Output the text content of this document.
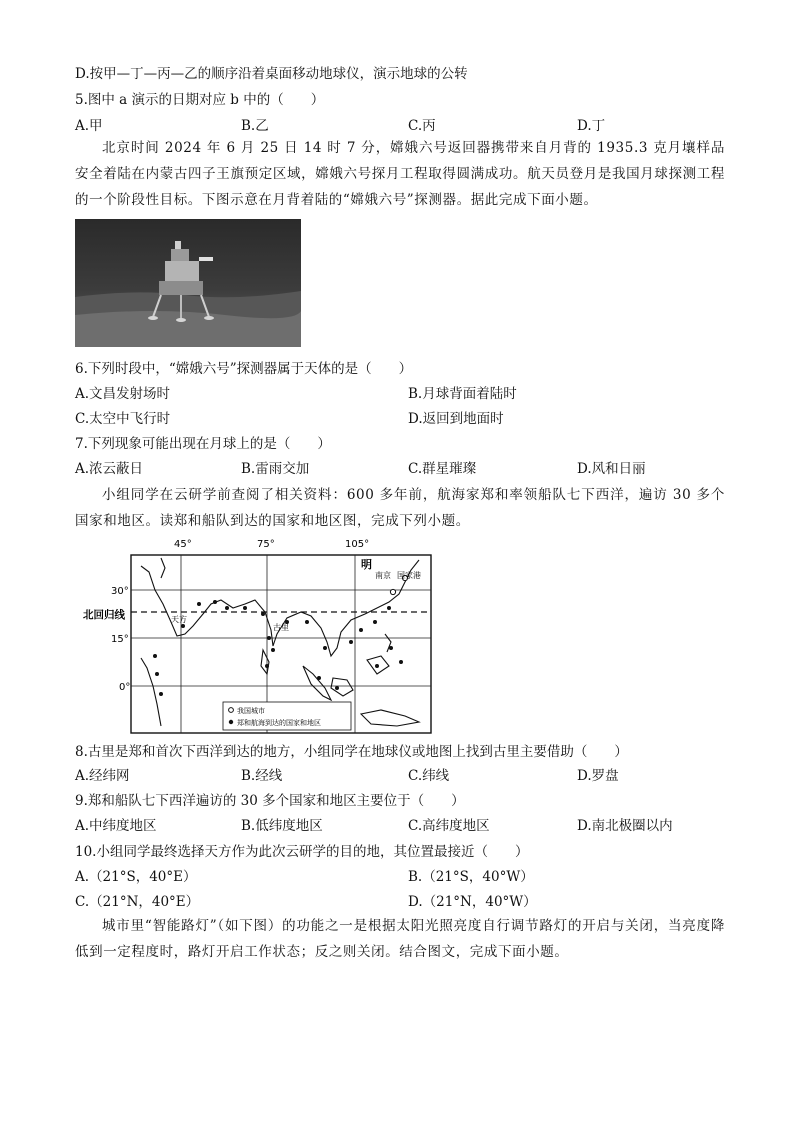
D.按甲—丁—丙—乙的顺序沿着桌面移动地球仪，演示地球的公转
5.图中 a 演示的日期对应 b 中的（　　）
A.甲	B.乙	C.丙	D.丁
北京时间 2024 年 6 月 25 日 14 时 7 分，嫦娥六号返回器携带来自月背的 1935.3 克月壤样品安全着陆在内蒙古四子王旗预定区域，嫦娥六号探月工程取得圆满成功。航天员登月是我国月球探测工程的一个阶段性目标。下图示意在月背着陆的“嫦娥六号”探测器。据此完成下面小题。
6.下列时段中，“嫦娥六号”探测器属于天体的是（　　）
A.文昌发射场时	B.月球背面着陆时
C.太空中飞行时	D.返回到地面时
7.下列现象可能出现在月球上的是（　　）
A.浓云蔽日	B.雷雨交加	C.群星璀璨	D.风和日丽
小组同学在云研学前查阅了相关资料：600 多年前，航海家郑和率领船队七下西洋，遍访 30 多个国家和地区。读郑和船队到达的国家和地区图，完成下列小题。
45°	75°	105°
30°
15°
0°
北回归线
明
南京 国家港
天方
古里
我国城市
郑和航海到达的国家和地区
8.古里是郑和首次下西洋到达的地方，小组同学在地球仪或地图上找到古里主要借助（　　）
A.经纬网	B.经线	C.纬线	D.罗盘
9.郑和船队七下西洋遍访的 30 多个国家和地区主要位于（　　）
A.中纬度地区	B.低纬度地区	C.高纬度地区	D.南北极圈以内
10.小组同学最终选择天方作为此次云研学的目的地，其位置最接近（　　）
A.（21°S，40°E）	B.（21°S，40°W）
C.（21°N，40°E）	D.（21°N，40°W）
城市里“智能路灯”（如下图）的功能之一是根据太阳光照亮度自行调节路灯的开启与关闭，当亮度降低到一定程度时，路灯开启工作状态；反之则关闭。结合图文，完成下面小题。
